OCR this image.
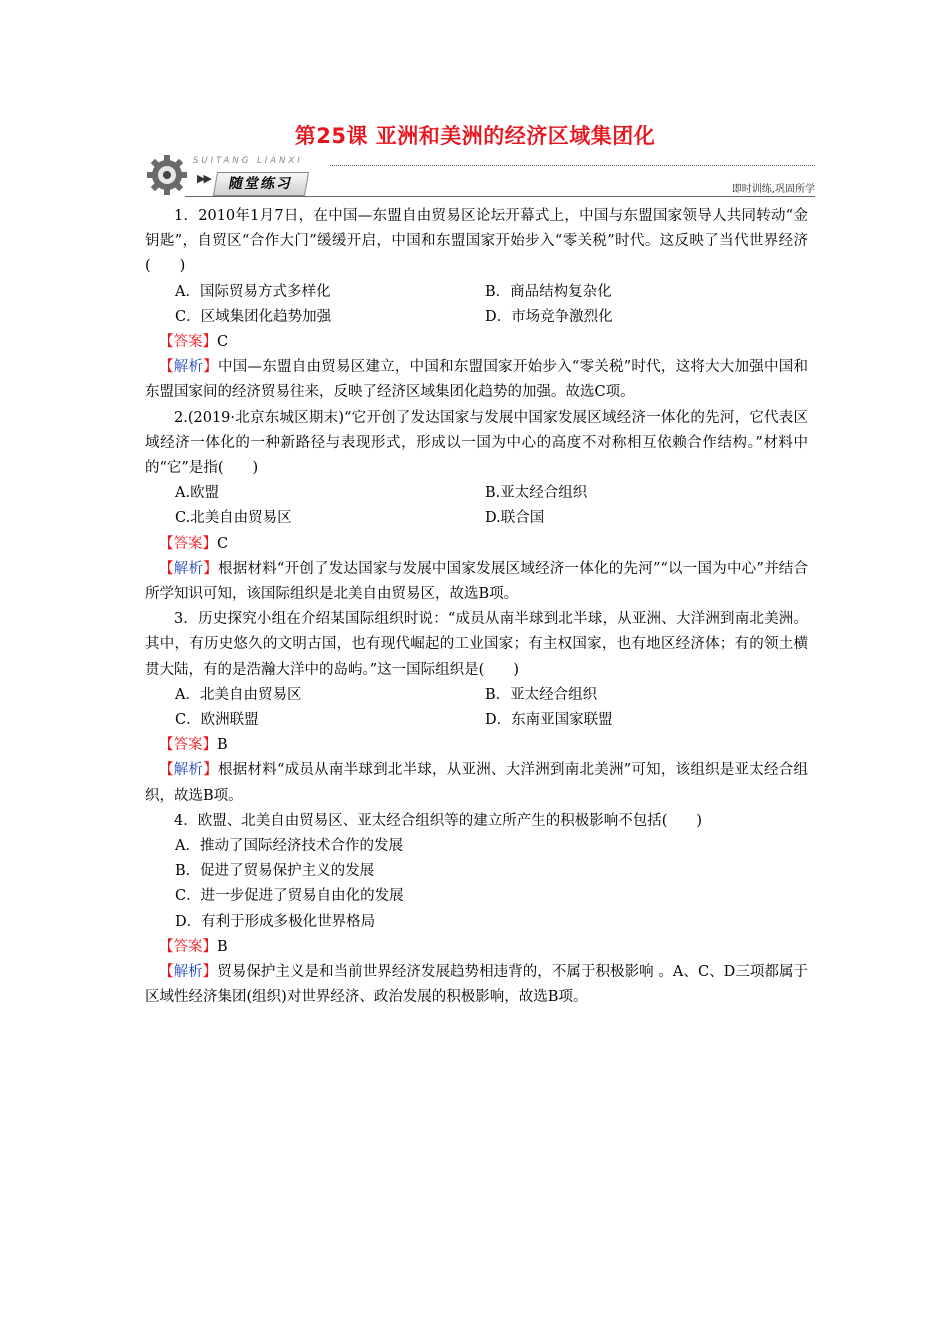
第25课 亚洲和美洲的经济区域集团化
SUITANG LIANXI
▶▶	随堂练习	即时训练,巩固所学

1．2010年1月7日，在中国—东盟自由贸易区论坛开幕式上，中国与东盟国家领导人共同转动“金钥匙”，自贸区“合作大门”缓缓开启，中国和东盟国家开始步入“零关税”时代。这反映了当代世界经济(　　)

A．国际贸易方式多样化	B．商品结构复杂化
C．区域集团化趋势加强	D．市场竞争激烈化

【答案】C

【解析】中国—东盟自由贸易区建立，中国和东盟国家开始步入“零关税”时代，这将大大加强中国和东盟国家间的经济贸易往来，反映了经济区域集团化趋势的加强。故选C项。

2.(2019·北京东城区期末)“它开创了发达国家与发展中国家发展区域经济一体化的先河，它代表区域经济一体化的一种新路径与表现形式，形成以一国为中心的高度不对称相互依赖合作结构。”材料中的“它”是指(　　)

A.欧盟	B.亚太经合组织
C.北美自由贸易区	D.联合国

【答案】C

【解析】根据材料“开创了发达国家与发展中国家发展区域经济一体化的先河”“以一国为中心”并结合所学知识可知，该国际组织是北美自由贸易区，故选B项。

3．历史探究小组在介绍某国际组织时说：“成员从南半球到北半球，从亚洲、大洋洲到南北美洲。其中，有历史悠久的文明古国，也有现代崛起的工业国家；有主权国家，也有地区经济体；有的领土横贯大陆，有的是浩瀚大洋中的岛屿。”这一国际组织是(　　)

A．北美自由贸易区	B．亚太经合组织
C．欧洲联盟	D．东南亚国家联盟

【答案】B

【解析】根据材料“成员从南半球到北半球，从亚洲、大洋洲到南北美洲”可知，该组织是亚太经合组织，故选B项。

4．欧盟、北美自由贸易区、亚太经合组织等的建立所产生的积极影响不包括(　　)

A．推动了国际经济技术合作的发展

B．促进了贸易保护主义的发展

C．进一步促进了贸易自由化的发展

D．有利于形成多极化世界格局

【答案】B

【解析】贸易保护主义是和当前世界经济发展趋势相违背的，不属于积极影响 。A、C、D三项都属于区域性经济集团(组织)对世界经济、政治发展的积极影响，故选B项。
